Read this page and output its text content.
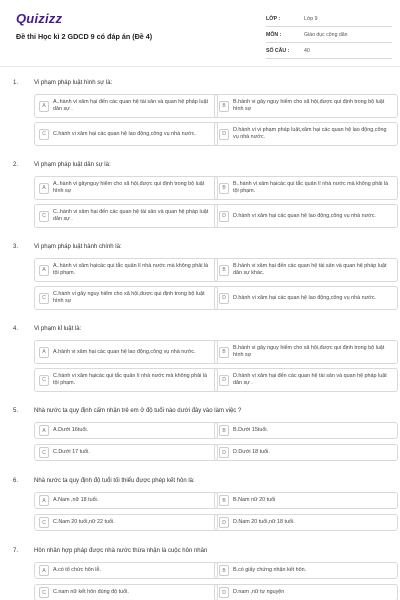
Quizizz
Đề thi Học kì 2 GDCD 9 có đáp án (Đề 4)
LỚP :	Lớp 9
MÔN :	Giáo dục công dân
SỐ CÂU :	40
1.	Vi phạm pháp luật hình sự là:
A
A..hành vi xâm hại đến các quan hệ tài sản và quan hệ pháp luật dân sự .	B
B.hành vi gây nguy hiểm cho xã hội,được qui định trong bộ luật hình sự
C	C.hành vi xâm hại các quan hệ lao động,công vụ nhà nước.	D
D.hành vi vi phạm pháp luật,xâm hại các quan hệ lao động,công vụ nhà nước.
2.	Vi phạm pháp luật dân sự là:
A
A..hành vi gâynguy hiểm cho xã hội,được qui định trong bộ luật hình sự	B
B..hành vi xâm hạicác qui tắc quản lí nhà nước mà không phải là tội phạm.
C
C..hành vi xâm hại đến các quan hệ tài sản và quan hệ pháp luật dân sự .	D	D.hành vi xâm hại các quan hệ lao động,công vụ nhà nước.
3.	Vi phạm pháp luật hành chính là:
A
A..hành vi xâm hạicác qui tắc quản lí nhà nước mà không phải là tội phạm.	B
B.hành vi xâm hại đến các quan hệ tài sản và quan hệ pháp luật dân sự khác.
C
C.hành vi gây nguy hiểm cho xã hội,được qui định trong bộ luật hình sự	D	D.hành vi xâm hại các quan hệ lao động,công vụ nhà nước.
4.	Vi phạm kỉ luật là:
A	A.hành vi xâm hại các quan hệ lao động,công vụ nhà nước.	B
B.hành vi gây nguy hiểm cho xã hội,được qui định trong bộ luật hình sự
C
C.hành vi xâm hạicác qui tắc quản lí nhà nước mà không phải là tội phạm.	D
D.hành vi xâm hại đến các quan hệ tài sản và quan hệ pháp luật dân sự .
5.	Nhà nước ta quy định cấm nhận trẻ em ở độ tuổi nào dưới đây vào làm việc ?
A	A.Dưới 16tuổi.	B	B.Dưới 15tuổi.
C	C.Dưới 17 tuổi.	D	D.Dưới 18 tuổi.
6.	Nhà nước ta quy định độ tuổi tối thiểu được phép kết hôn là:
A	A.Nam ,nữ 18 tuổi.	B	B.Nam nữ 20 tuổi
C	C.Nam 20 tuổi,nữ 22 tuổi.	D	D.Nam 20 tuổi,nữ 18 tuổi.
7.	Hôn nhân hợp pháp được nhà nước thừa nhận là cuộc hôn nhân
A	A.có tổ chức hôn lễ.	B	B.có giấy chứng nhận kết hôn.
C	C.nam nữ kết hôn đúng độ tuổi.	D	D.nam ,nữ tự nguyện
